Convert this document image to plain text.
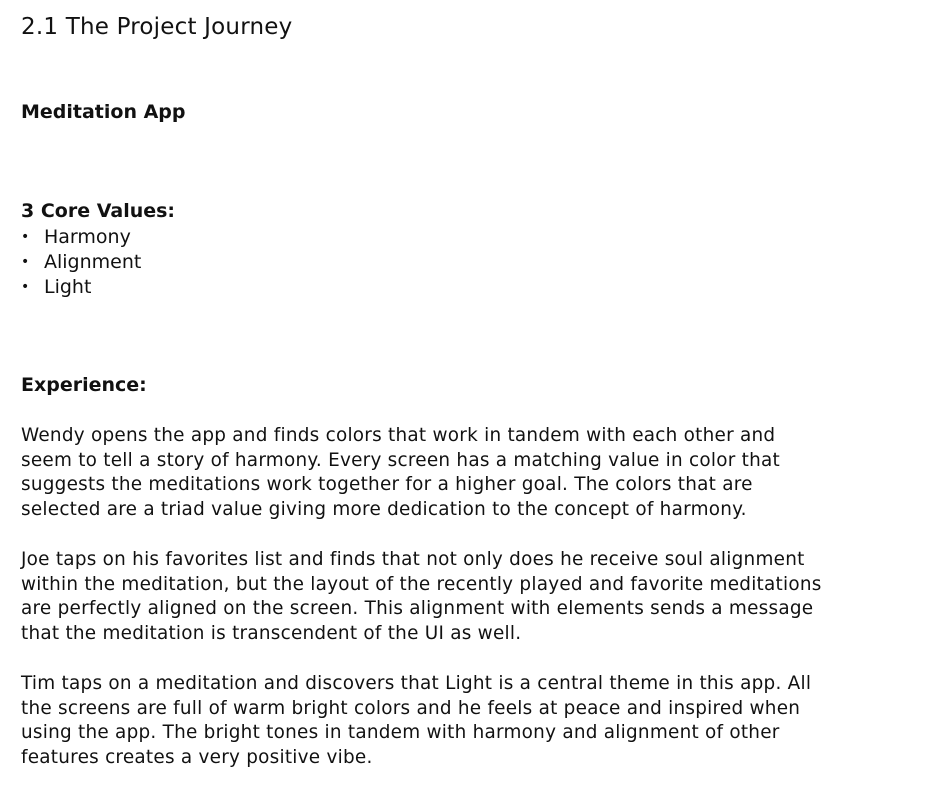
2.1 The Project Journey
Meditation App
3 Core Values:
• Harmony
• Alignment
• Light
Experience:

Wendy opens the app and finds colors that work in tandem with each other and
seem to tell a story of harmony. Every screen has a matching value in color that
suggests the meditations work together for a higher goal. The colors that are
selected are a triad value giving more dedication to the concept of harmony.

Joe taps on his favorites list and finds that not only does he receive soul alignment
within the meditation, but the layout of the recently played and favorite meditations
are perfectly aligned on the screen. This alignment with elements sends a message
that the meditation is transcendent of the UI as well.

Tim taps on a meditation and discovers that Light is a central theme in this app. All
the screens are full of warm bright colors and he feels at peace and inspired when
using the app. The bright tones in tandem with harmony and alignment of other
features creates a very positive vibe.
